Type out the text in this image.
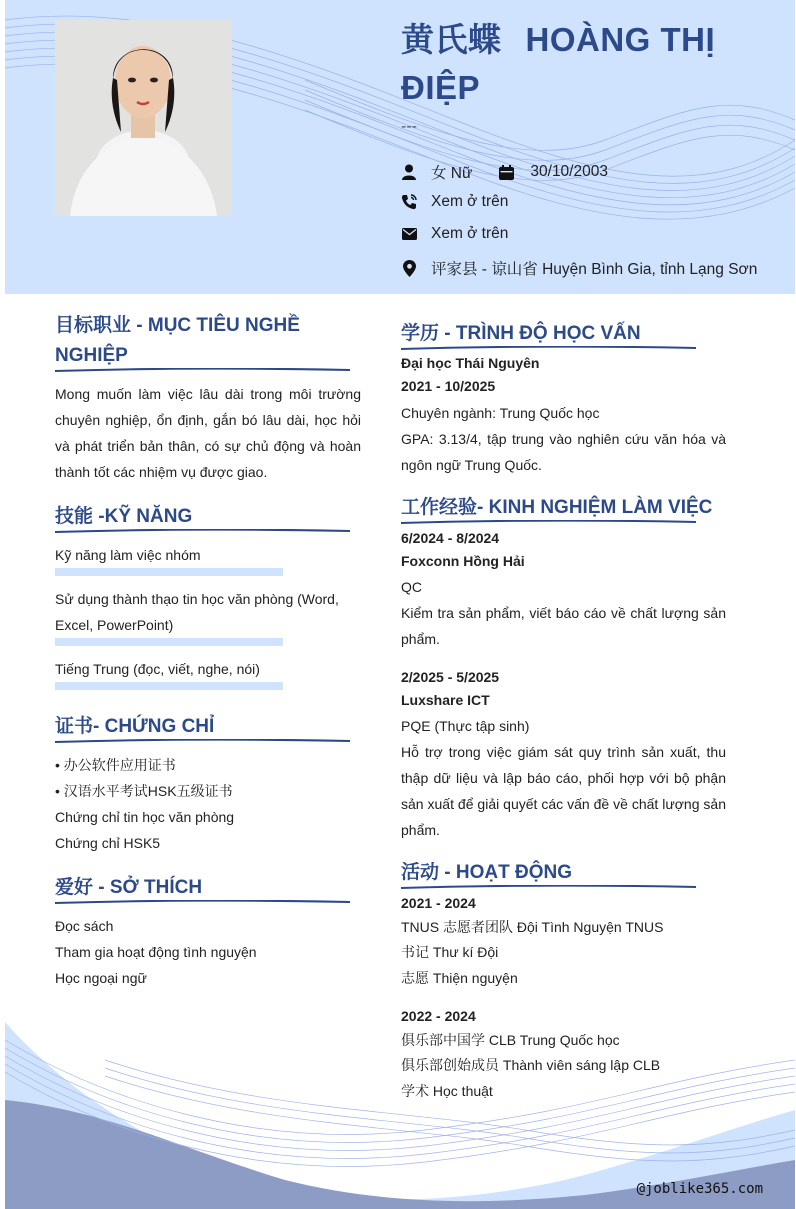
黄氏蝶 HOÀNG THỊ ĐIỆP
---
女 Nữ	30/10/2003
Xem ở trên
Xem ở trên
评家县 - 谅山省 Huyện Bình Gia, tỉnh Lạng Sơn
@joblike365.com
目标职业 - MỤC TIÊU NGHỀ NGHIỆP
Mong muốn làm việc lâu dài trong môi trường chuyên nghiệp, ổn định, gắn bó lâu dài, học hỏi và phát triển bản thân, có sự chủ động và hoàn thành tốt các nhiệm vụ được giao.
技能 -KỸ NĂNG
Kỹ năng làm việc nhóm
Sử dụng thành thạo tin học văn phòng (Word, Excel, PowerPoint)
Tiếng Trung (đọc, viết, nghe, nói)
证书- CHỨNG CHỈ
• 办公软件应用证书
• 汉语水平考试HSK五级证书
Chứng chỉ tin học văn phòng
Chứng chỉ HSK5
爱好 - SỞ THÍCH
Đọc sách
Tham gia hoạt động tình nguyện
Học ngoại ngữ
学历 - TRÌNH ĐỘ HỌC VẤN
Đại học Thái Nguyên
2021 - 10/2025
Chuyên ngành: Trung Quốc học
GPA: 3.13/4, tập trung vào nghiên cứu văn hóa và ngôn ngữ Trung Quốc.
工作经验- KINH NGHIỆM LÀM VIỆC
6/2024 - 8/2024
Foxconn Hồng Hải
QC
Kiểm tra sản phẩm, viết báo cáo về chất lượng sản phẩm.
2/2025 - 5/2025
Luxshare ICT
PQE (Thực tập sinh)
Hỗ trợ trong việc giám sát quy trình sản xuất, thu thập dữ liệu và lập báo cáo, phối hợp với bộ phận sản xuất để giải quyết các vấn đề về chất lượng sản phẩm.
活动 - HOẠT ĐỘNG
2021 - 2024
TNUS 志愿者团队 Đội Tình Nguyện TNUS
书记 Thư kí Đội
志愿 Thiện nguyện
2022 - 2024
俱乐部中国学 CLB Trung Quốc học
俱乐部创始成员 Thành viên sáng lập CLB
学术 Học thuật
